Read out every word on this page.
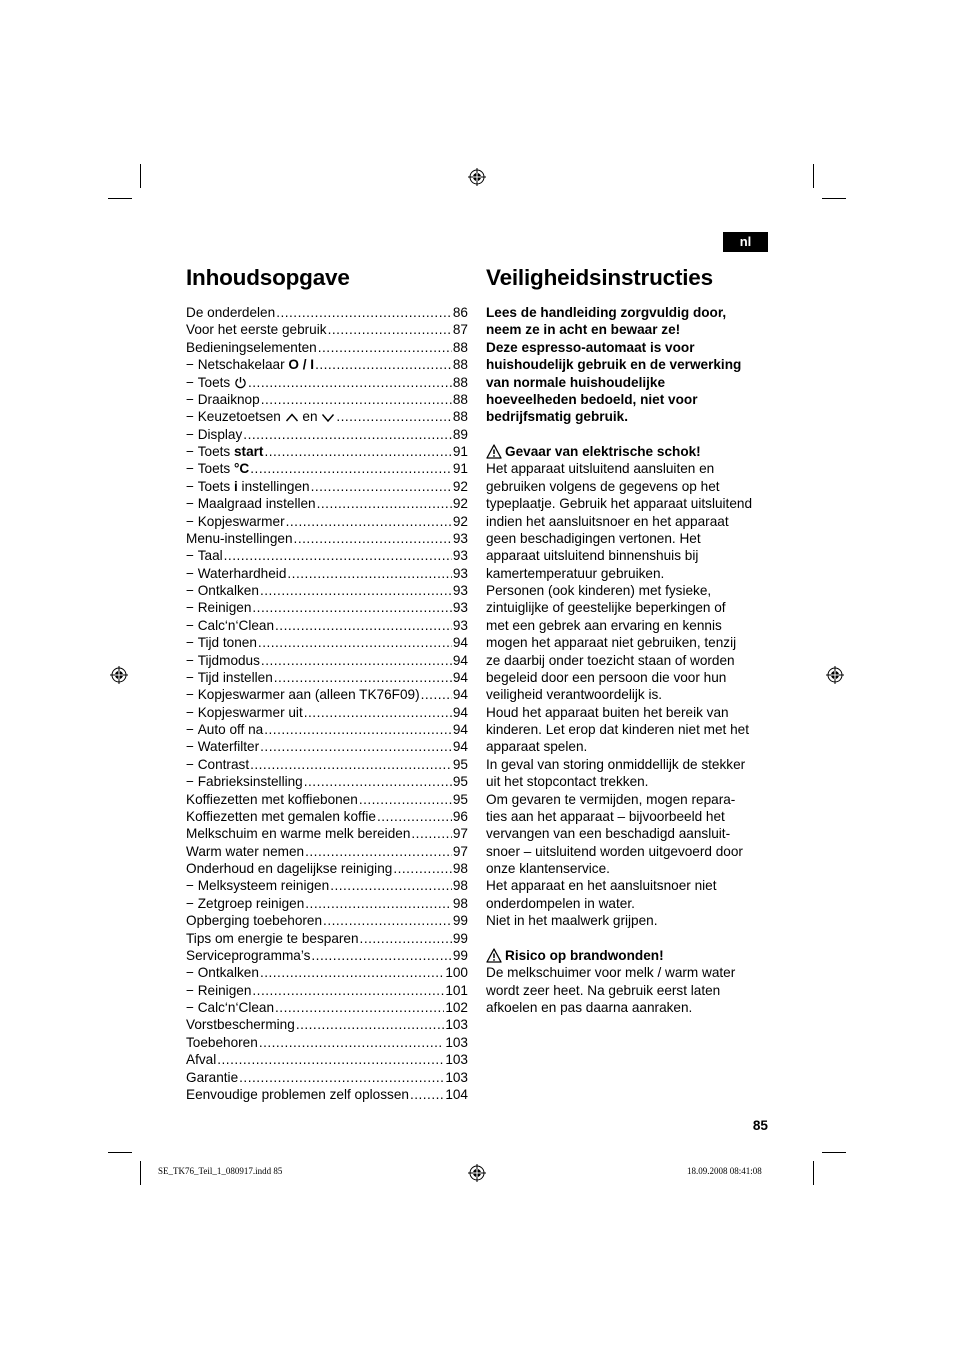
nl
Inhoudsopgave
De onderdelen .....	86
Voor het eerste gebruik .....	87
Bedieningselementen .....	88
− Netschakelaar O / I .....	88
− Toets .....	88
− Draaiknop .....	88
− Keuzetoetsen  en .....	88
− Display .....	89
− Toets start .....	91
− Toets °C .....	91
− Toets i instellingen .....	92
− Maalgraad instellen .....	92
− Kopjeswarmer .....	92
Menu-instellingen .....	93
− Taal .....	93
− Waterhardheid .....	93
− Ontkalken .....	93
− Reinigen .....	93
− Calc‘n‘Clean .....	93
− Tijd tonen .....	94
− Tijdmodus .....	94
− Tijd instellen .....	94
− Kopjeswarmer aan (alleen TK76F09) ..... 94
− Kopjeswarmer uit .....	94
− Auto off na .....	94
− Waterfilter .....	94
− Contrast .....	95
− Fabrieksinstelling .....	95
Koffiezetten met koffiebonen .....	95
Koffiezetten met gemalen koffie .....	96
Melkschuim en warme melk bereiden .....	97
Warm water nemen .....	97
Onderhoud en dagelijkse reiniging .....	98
− Melksysteem reinigen .....	98
− Zetgroep reinigen .....	98
Opberging toebehoren .....	99
Tips om energie te besparen .....	99
Serviceprogramma’s .....	99
− Ontkalken .....	100
− Reinigen .....	101
− Calc‘n‘Clean .....	102
Vorstbescherming .....	103
Toebehoren .....	103
Afval .....	103
Garantie .....	103
Eenvoudige problemen zelf oplossen .....	104
Veiligheidsinstructies

Lees de handleiding zorgvuldig door,

neem ze in acht en bewaar ze!

Deze espresso-automaat is voor

huishoudelijk gebruik en de verwerking

van normale huishoudelijke

hoeveelheden bedoeld, niet voor

bedrijfsmatig gebruik.

Gevaar van elektrische schok!

Het apparaat uitsluitend aansluiten en

gebruiken volgens de gegevens op het

typeplaatje. Gebruik het apparaat uitsluitend

indien het aansluitsnoer en het apparaat

geen beschadigingen vertonen. Het

apparaat uitsluitend binnenshuis bij

kamertemperatuur gebruiken.

Personen (ook kinderen) met fysieke,

zintuiglijke of geestelijke beperkingen of

met een gebrek aan ervaring en kennis

mogen het apparaat niet gebruiken, tenzij

ze daarbij onder toezicht staan of worden

begeleid door een persoon die voor hun

veiligheid verantwoordelijk is.

Houd het apparaat buiten het bereik van

kinderen. Let erop dat kinderen niet met het

apparaat spelen.

In geval van storing onmiddellijk de stekker

uit het stopcontact trekken.

Om gevaren te vermijden, mogen repara-

ties aan het apparaat – bijvoorbeeld het

vervangen van een beschadigd aansluit-

snoer – uitsluitend worden uitgevoerd door

onze klantenservice.

Het apparaat en het aansluitsnoer niet

onderdompelen in water.

Niet in het maalwerk grijpen.

Risico op brandwonden!

De melkschuimer voor melk / warm water

wordt zeer heet. Na gebruik eerst laten

afkoelen en pas daarna aanraken.

85
SE_TK76_Teil_1_080917.indd 85	18.09.2008 08:41:08
